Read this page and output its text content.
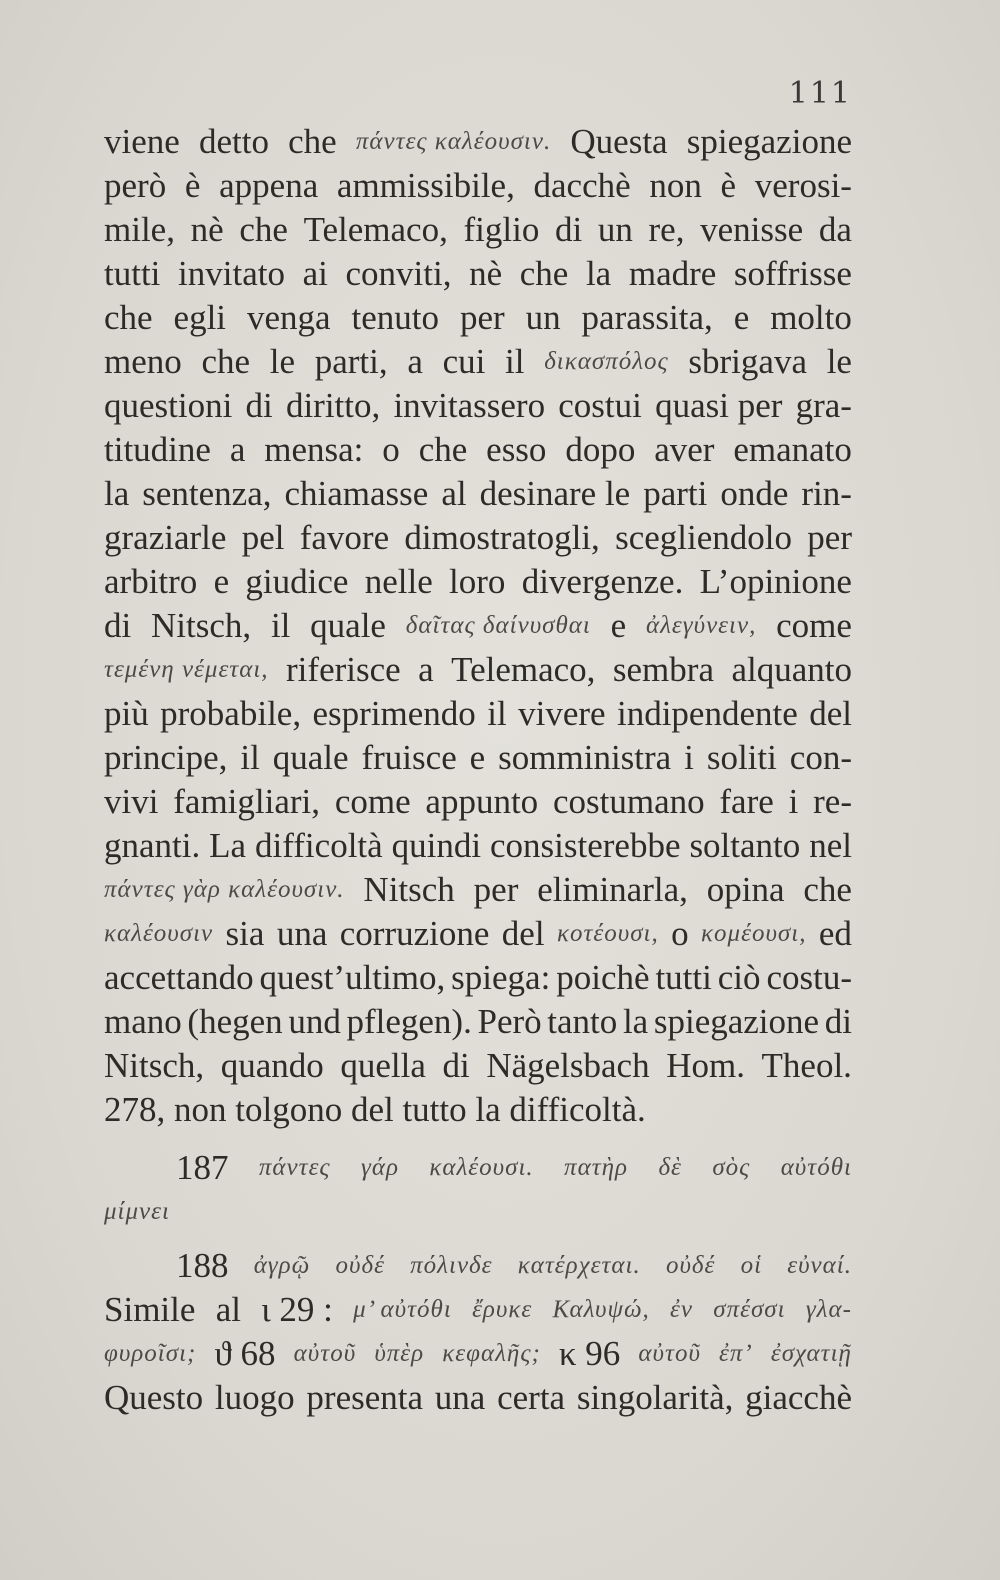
111
viene detto che πάντες καλέουσιν. Questa spiegazione
però è appena ammissibile, dacchè non è verosi-
mile, nè che Telemaco, figlio di un re, venisse da
tutti invitato ai conviti, nè che la madre soffrisse
che egli venga tenuto per un parassita, e molto
meno che le parti, a cui il δικασπόλος sbrigava le
questioni di diritto, invitassero costui quasi per gra-
titudine a mensa: o che esso dopo aver emanato
la sentenza, chiamasse al desinare le parti onde rin-
graziarle pel favore dimostratogli, scegliendolo per
arbitro e giudice nelle loro divergenze. L’opinione
di Nitsch, il quale δαῖτας δαίνυσθαι e ἀλεγύνειν, come
τεμένη νέμεται, riferisce a Telemaco, sembra alquanto
più probabile, esprimendo il vivere indipendente del
principe, il quale fruisce e somministra i soliti con-
vivi famigliari, come appunto costumano fare i re-
gnanti. La difficoltà quindi consisterebbe soltanto nel
πάντες γὰρ καλέουσιν. Nitsch per eliminarla, opina che
καλέουσιν sia una corruzione del κοτέουσι, o κομέουσι, ed
accettando quest’ultimo, spiega: poichè tutti ciò costu-
mano (hegen und pflegen). Però tanto la spiegazione di
Nitsch, quando quella di Nägelsbach Hom. Theol.
278, non tolgono del tutto la difficoltà.
187 πάντες γάρ καλέουσι. πατὴρ δὲ σὸς αὐτόθι
μίμνει
188 ἀγρῷ οὐδέ πόλινδε κατέρχεται. οὐδέ οἱ εὐναί.
Simile al ι 29 : μ’ αὐτόθι ἔρυκε Καλυψώ, ἐν σπέσσι γλα-
φυροῖσι; ϑ 68 αὐτοῦ ὑπὲρ κεφαλῆς; κ 96 αὐτοῦ ἐπ’ ἐσχατιῇ
Questo luogo presenta una certa singolarità, giacchè
